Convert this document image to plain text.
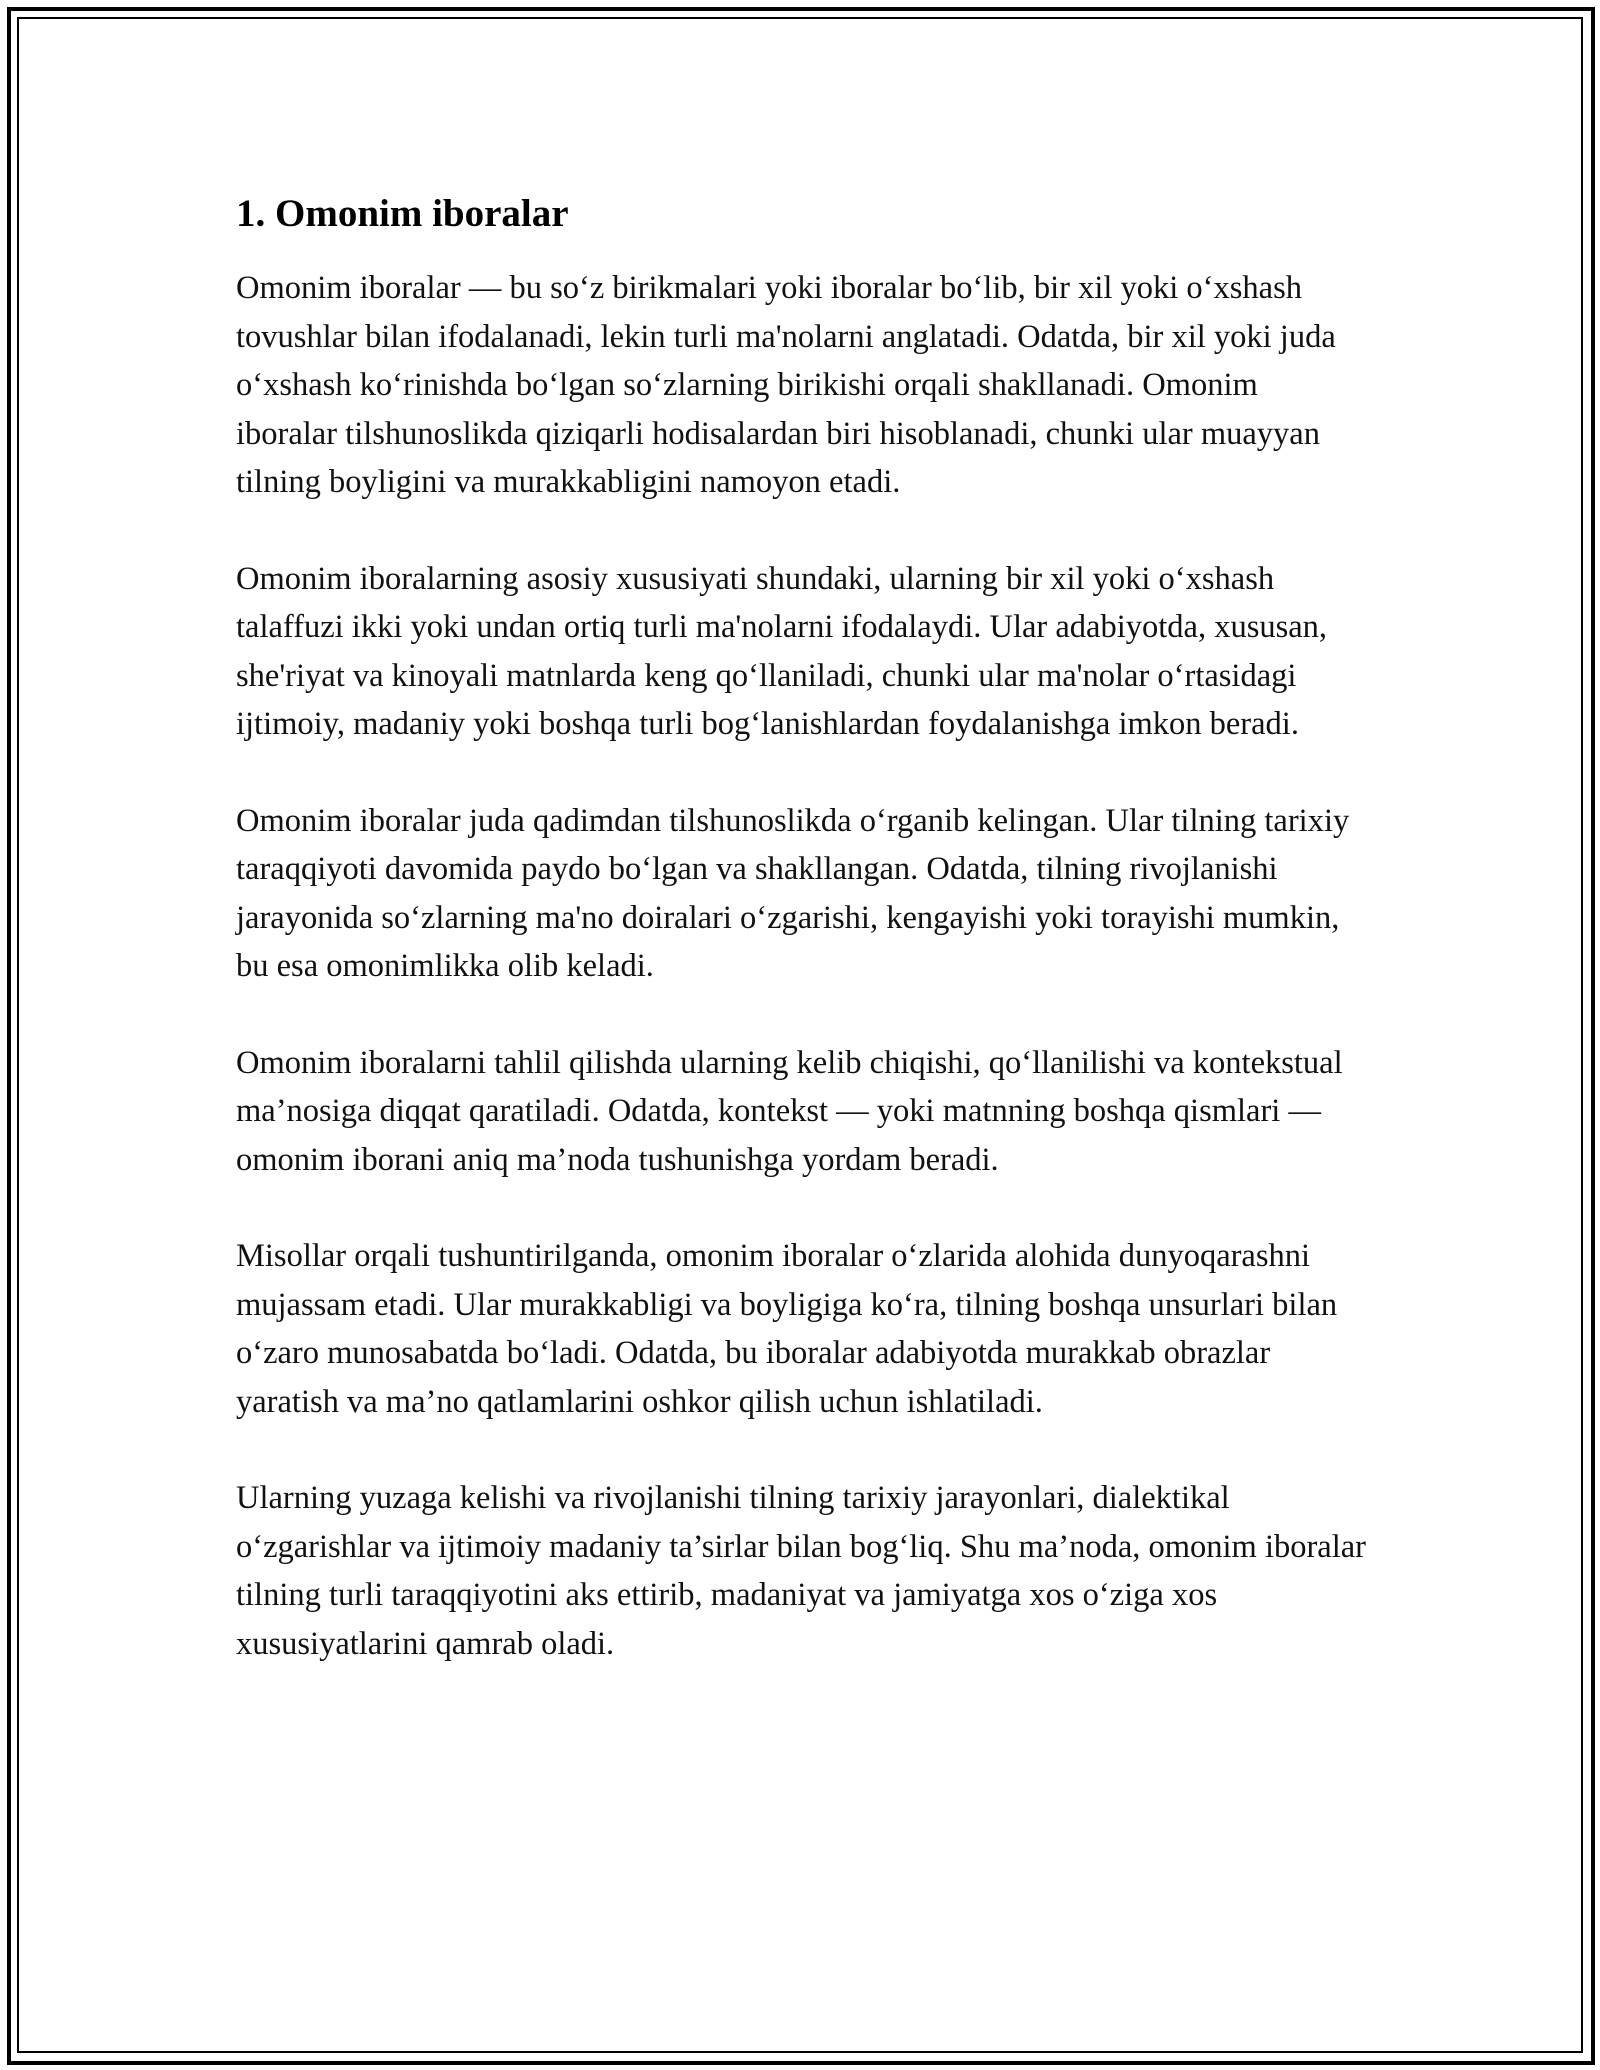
1. Omonim iboralar

Omonim iboralar — bu so‘z birikmalari yoki iboralar bo‘lib, bir xil yoki o‘xshash tovushlar bilan ifodalanadi, lekin turli ma'nolarni anglatadi. Odatda, bir xil yoki juda o‘xshash ko‘rinishda bo‘lgan so‘zlarning birikishi orqali shakllanadi. Omonim iboralar tilshunoslikda qiziqarli hodisalardan biri hisoblanadi, chunki ular muayyan tilning boyligini va murakkabligini namoyon etadi.

Omonim iboralarning asosiy xususiyati shundaki, ularning bir xil yoki o‘xshash talaffuzi ikki yoki undan ortiq turli ma'nolarni ifodalaydi. Ular adabiyotda, xususan, she'riyat va kinoyali matnlarda keng qo‘llaniladi, chunki ular ma'nolar o‘rtasidagi ijtimoiy, madaniy yoki boshqa turli bog‘lanishlardan foydalanishga imkon beradi.

Omonim iboralar juda qadimdan tilshunoslikda o‘rganib kelingan. Ular tilning tarixiy taraqqiyoti davomida paydo bo‘lgan va shakllangan. Odatda, tilning rivojlanishi jarayonida so‘zlarning ma'no doiralari o‘zgarishi, kengayishi yoki torayishi mumkin, bu esa omonimlikka olib keladi.

Omonim iboralarni tahlil qilishda ularning kelib chiqishi, qo‘llanilishi va kontekstual ma’nosiga diqqat qaratiladi. Odatda, kontekst — yoki matnning boshqa qismlari — omonim iborani aniq ma’noda tushunishga yordam beradi.

Misollar orqali tushuntirilganda, omonim iboralar o‘zlarida alohida dunyoqarashni mujassam etadi. Ular murakkabligi va boyligiga ko‘ra, tilning boshqa unsurlari bilan o‘zaro munosabatda bo‘ladi. Odatda, bu iboralar adabiyotda murakkab obrazlar yaratish va ma’no qatlamlarini oshkor qilish uchun ishlatiladi.

Ularning yuzaga kelishi va rivojlanishi tilning tarixiy jarayonlari, dialektikal o‘zgarishlar va ijtimoiy madaniy ta’sirlar bilan bog‘liq. Shu ma’noda, omonim iboralar tilning turli taraqqiyotini aks ettirib, madaniyat va jamiyatga xos o‘ziga xos xususiyatlarini qamrab oladi.
